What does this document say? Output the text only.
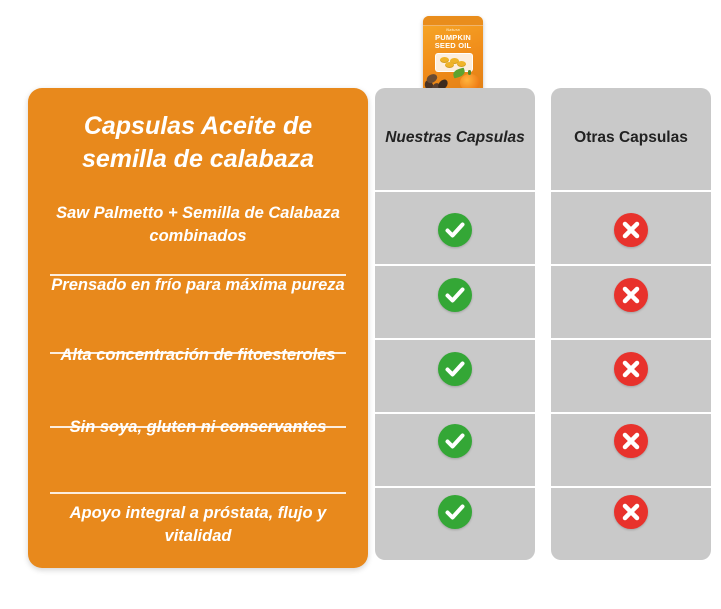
Natura
PUMPKIN
SEED OIL
Capsulas Aceite de semilla de calabaza
Saw Palmetto + Semilla de Calabaza combinados
Prensado en frío para máxima pureza
Alta concentración de fitoesteroles
Sin soya, gluten ni conservantes
Apoyo integral a próstata, flujo y vitalidad
Nuestras Capsulas	Otras Capsulas
